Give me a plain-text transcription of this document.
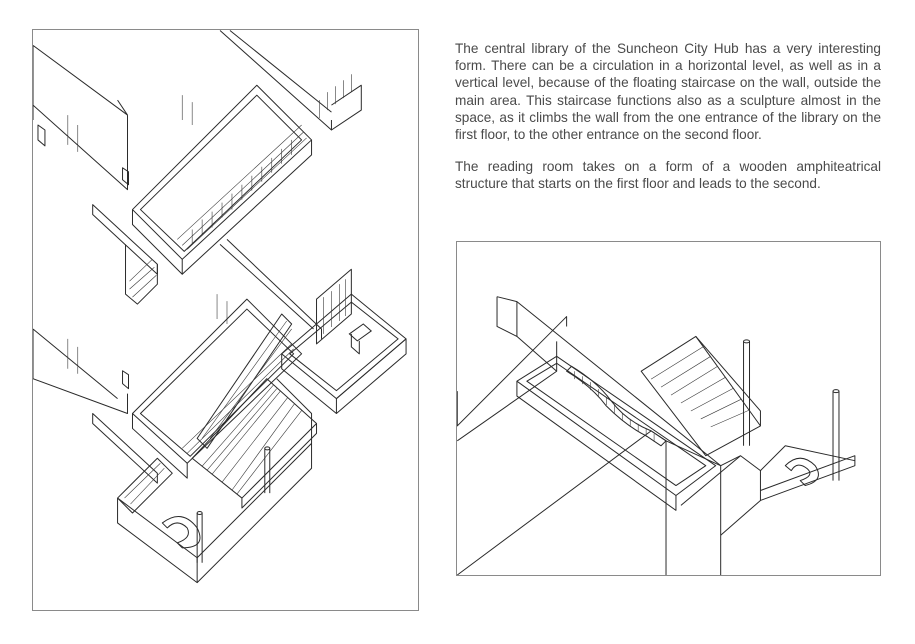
The central library of the Suncheon City Hub has a very interesting form. There can be a circulation in a horizontal level, as well as in a vertical level, because of the floating staircase on the wall, outside the main area. This staircase functions also as a sculpture almost in the space, as it climbs the wall from the one entrance of the library on the first floor, to the other entrance on the second floor.

The reading room takes on a form of a wooden amphiteatrical structure that starts on the first floor and leads to the second.
